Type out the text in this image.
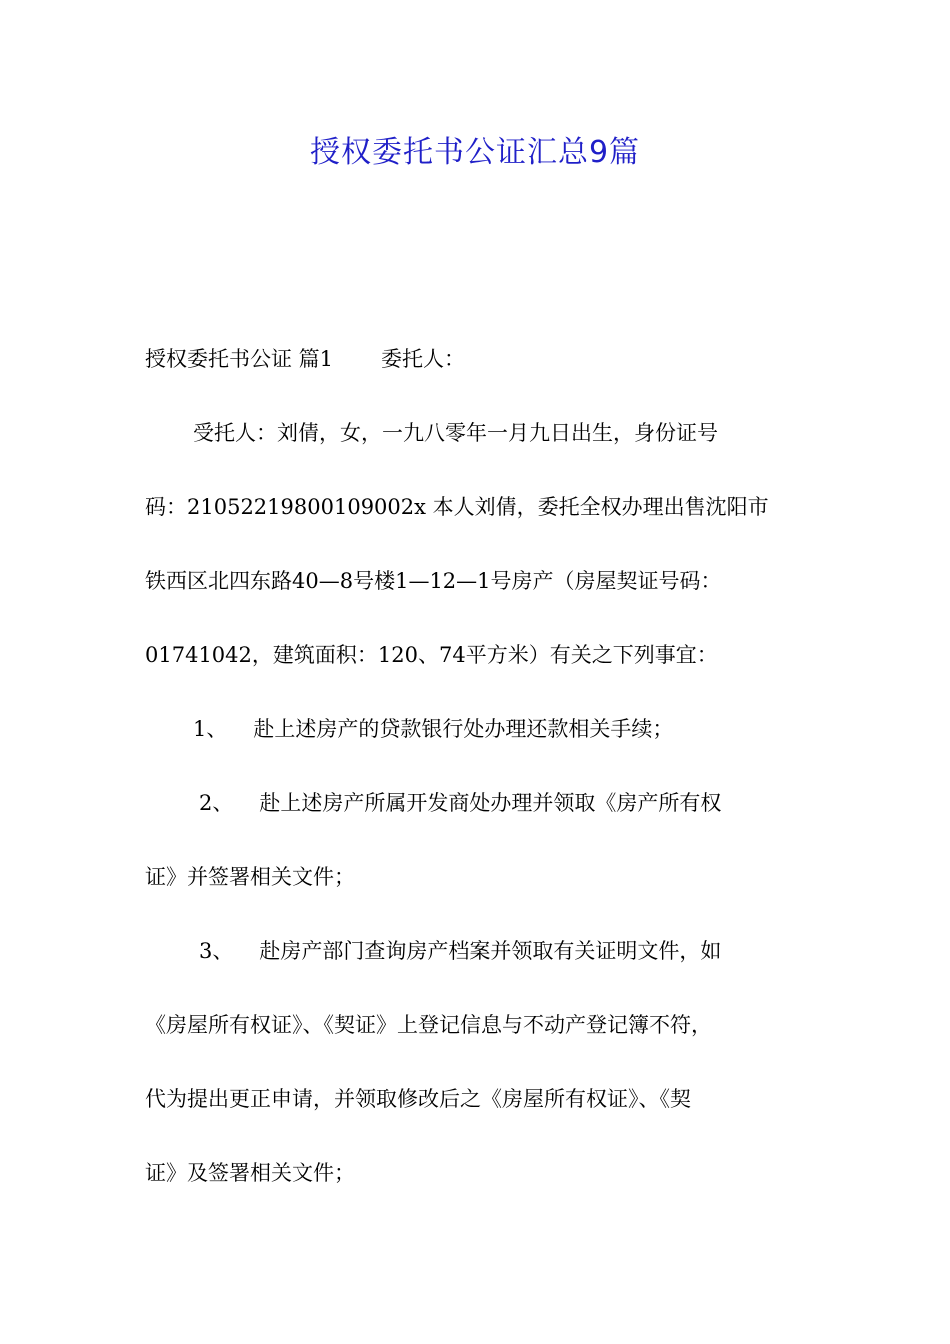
授权委托书公证汇总9篇
授权委托书公证 篇1 委托人：
受托人：刘倩，女，一九八零年一月九日出生，身份证号
码：2105221980010900​2x 本人刘倩，委托全权办理出售沈阳市
铁西区北四东路40—8号楼1—12—1号房产（房屋契证号码：
01741042，建筑面积：120、74平方米）有关之下列事宜：
1、 赴上述房产的贷款银行处办理还款相关手续；
2、 赴上述房产所属开发商处办理并领取《房产所有权
证》并签署相关文件；
3、 赴房产部门查询房产档案并领取有关证明文件，如
《房屋所有权证》、《契证》上登记信息与不动产登记簿不符，
代为提出更正申请，并领取修改后之《房屋所有权证》、《契
证》及签署相关文件；
